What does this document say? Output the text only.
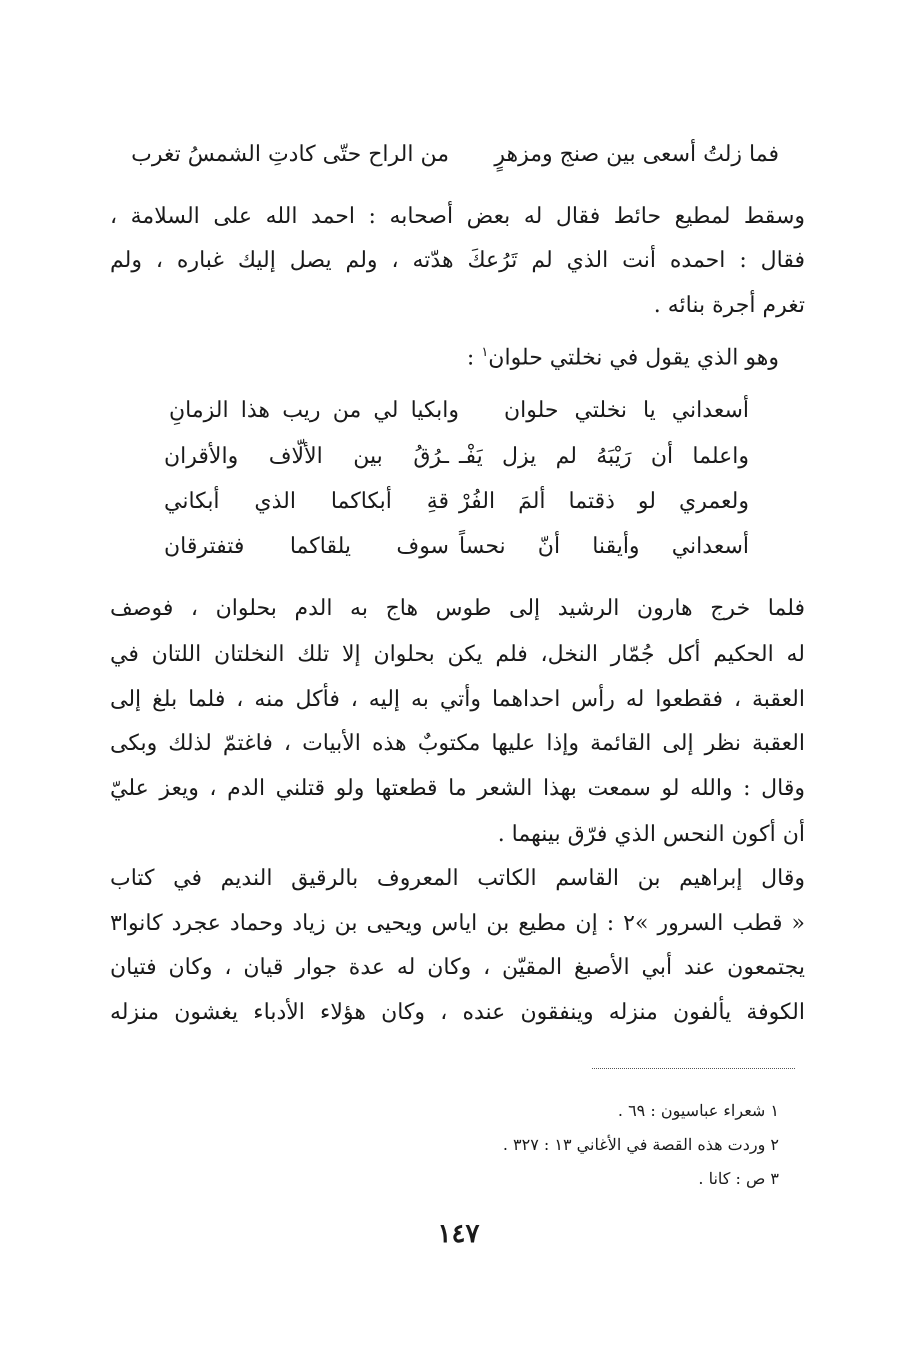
فما زلتُ أسعى بين صنج ومزهرٍ
من الراح حتّى كادتِ الشمسُ تغرب
وسقط لمطيع حائط فقال له بعض أصحابه : احمد الله على السلامة ،
فقال : احمده أنت الذي لم تَرُعكَ هدّته ، ولم يصل إليك غباره ، ولم
تغرم أجرة بنائه .
وهو الذي يقول في نخلتي حلوان$^١$ :
أسعداني يا نخلتي حلوان
وابكيا لي من ريب هذا الزمانِ
واعلما أن رَيْبَهُ لم يزل يَفْـ
ـرُقُ بين الألّاف والأقران
ولعمري لو ذقتما ألمَ الفُرْ
قةِ أبكاكما الذي أبكاني
أسعداني وأيقنا أنّ نحساً
سوف يلقاكما فتفترقان
فلما خرج هارون الرشيد إلى طوس هاج به الدم بحلوان ، فوصف
له الحكيم أكل جُمّار النخل، فلم يكن بحلوان إلا تلك النخلتان اللتان في
العقبة ، فقطعوا له رأس احداهما وأتي به إليه ، فأكل منه ، فلما بلغ إلى
العقبة نظر إلى القائمة وإذا عليها مكتوبٌ هذه الأبيات ، فاغتمّ لذلك وبكى
وقال : والله لو سمعت بهذا الشعر ما قطعتها ولو قتلني الدم ، ويعز عليّ
أن أكون النحس الذي فرّق بينهما .
وقال إبراهيم بن القاسم الكاتب المعروف بالرقيق النديم في كتاب
« قطب السرور »٢ : إن مطيع بن اياس ويحيى بن زياد وحماد عجرد كانوا٣
يجتمعون عند أبي الأصبغ المقيّن ، وكان له عدة جوار قيان ، وكان فتيان
الكوفة يألفون منزله وينفقون عنده ، وكان هؤلاء الأدباء يغشون منزله
١ شعراء عباسيون : ٦٩ .
٢ وردت هذه القصة في الأغاني ١٣ : ٣٢٧ .
٣ ص : كانا .
١٤٧
